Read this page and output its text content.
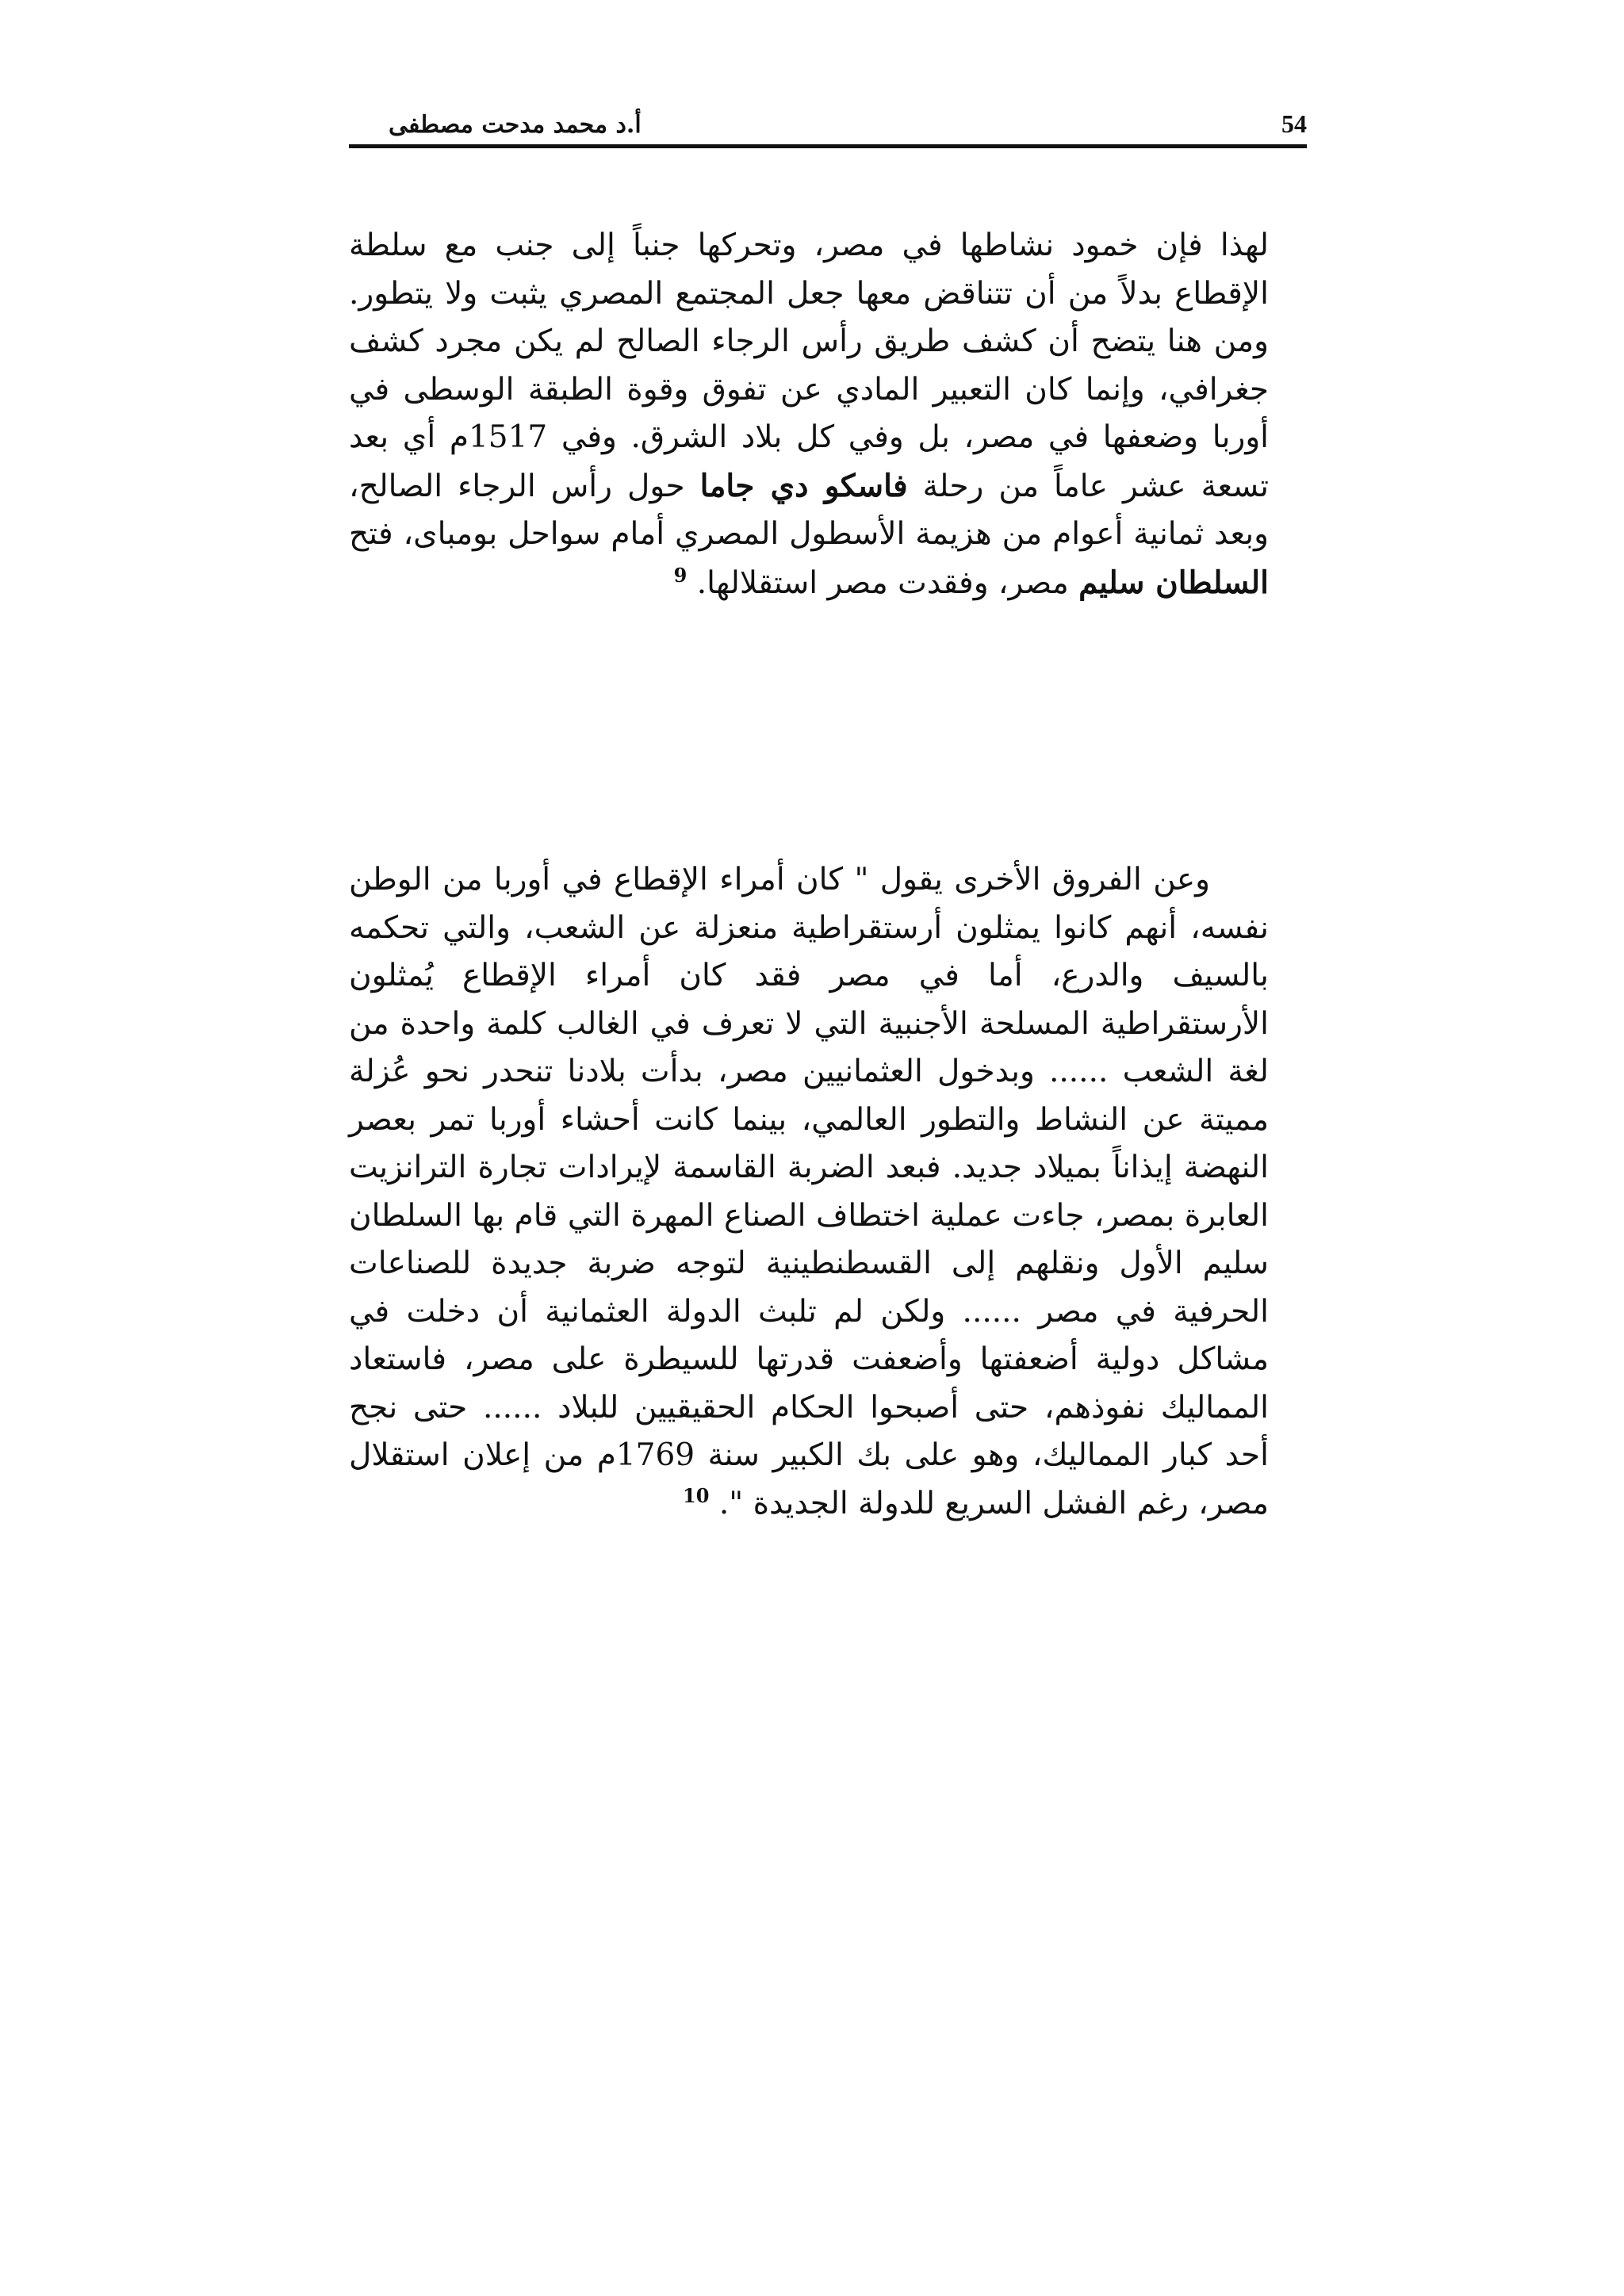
54
أ.د محمد مدحت مصطفى

لهذا فإن خمود نشاطها في مصر، وتحركها جنباً إلى جنب مع سلطة الإقطاع بدلاً من أن تتناقض معها جعل المجتمع المصري يثبت ولا يتطور. ومن هنا يتضح أن كشف طريق رأس الرجاء الصالح لم يكن مجرد كشف جغرافي، وإنما كان التعبير المادي عن تفوق وقوة الطبقة الوسطى في أوربا وضعفها في مصر، بل وفي كل بلاد الشرق. وفي 1517م أي بعد تسعة عشر عاماً من رحلة فاسكو دي جاما حول رأس الرجاء الصالح، وبعد ثمانية أعوام من هزيمة الأسطول المصري أمام سواحل بومباى، فتح السلطان سليم مصر، وفقدت مصر استقلالها. $^9$

وعن الفروق الأخرى يقول " كان أمراء الإقطاع في أوربا من الوطن نفسه، أنهم كانوا يمثلون أرستقراطية منعزلة عن الشعب، والتي تحكمه بالسيف والدرع، أما في مصر فقد كان أمراء الإقطاع يُمثلون الأرستقراطية المسلحة الأجنبية التي لا تعرف في الغالب كلمة واحدة من لغة الشعب ...... وبدخول العثمانيين مصر، بدأت بلادنا تنحدر نحو عُزلة مميتة عن النشاط والتطور العالمي، بينما كانت أحشاء أوربا تمر بعصر النهضة إيذاناً بميلاد جديد. فبعد الضربة القاسمة لإيرادات تجارة الترانزيت العابرة بمصر، جاءت عملية اختطاف الصناع المهرة التي قام بها السلطان سليم الأول ونقلهم إلى القسطنطينية لتوجه ضربة جديدة للصناعات الحرفية في مصر ...... ولكن لم تلبث الدولة العثمانية أن دخلت في مشاكل دولية أضعفتها وأضعفت قدرتها للسيطرة على مصر، فاستعاد المماليك نفوذهم، حتى أصبحوا الحكام الحقيقيين للبلاد ...... حتى نجح أحد كبار المماليك، وهو على بك الكبير سنة 1769م من إعلان استقلال مصر، رغم الفشل السريع للدولة الجديدة ". $^{10}$
